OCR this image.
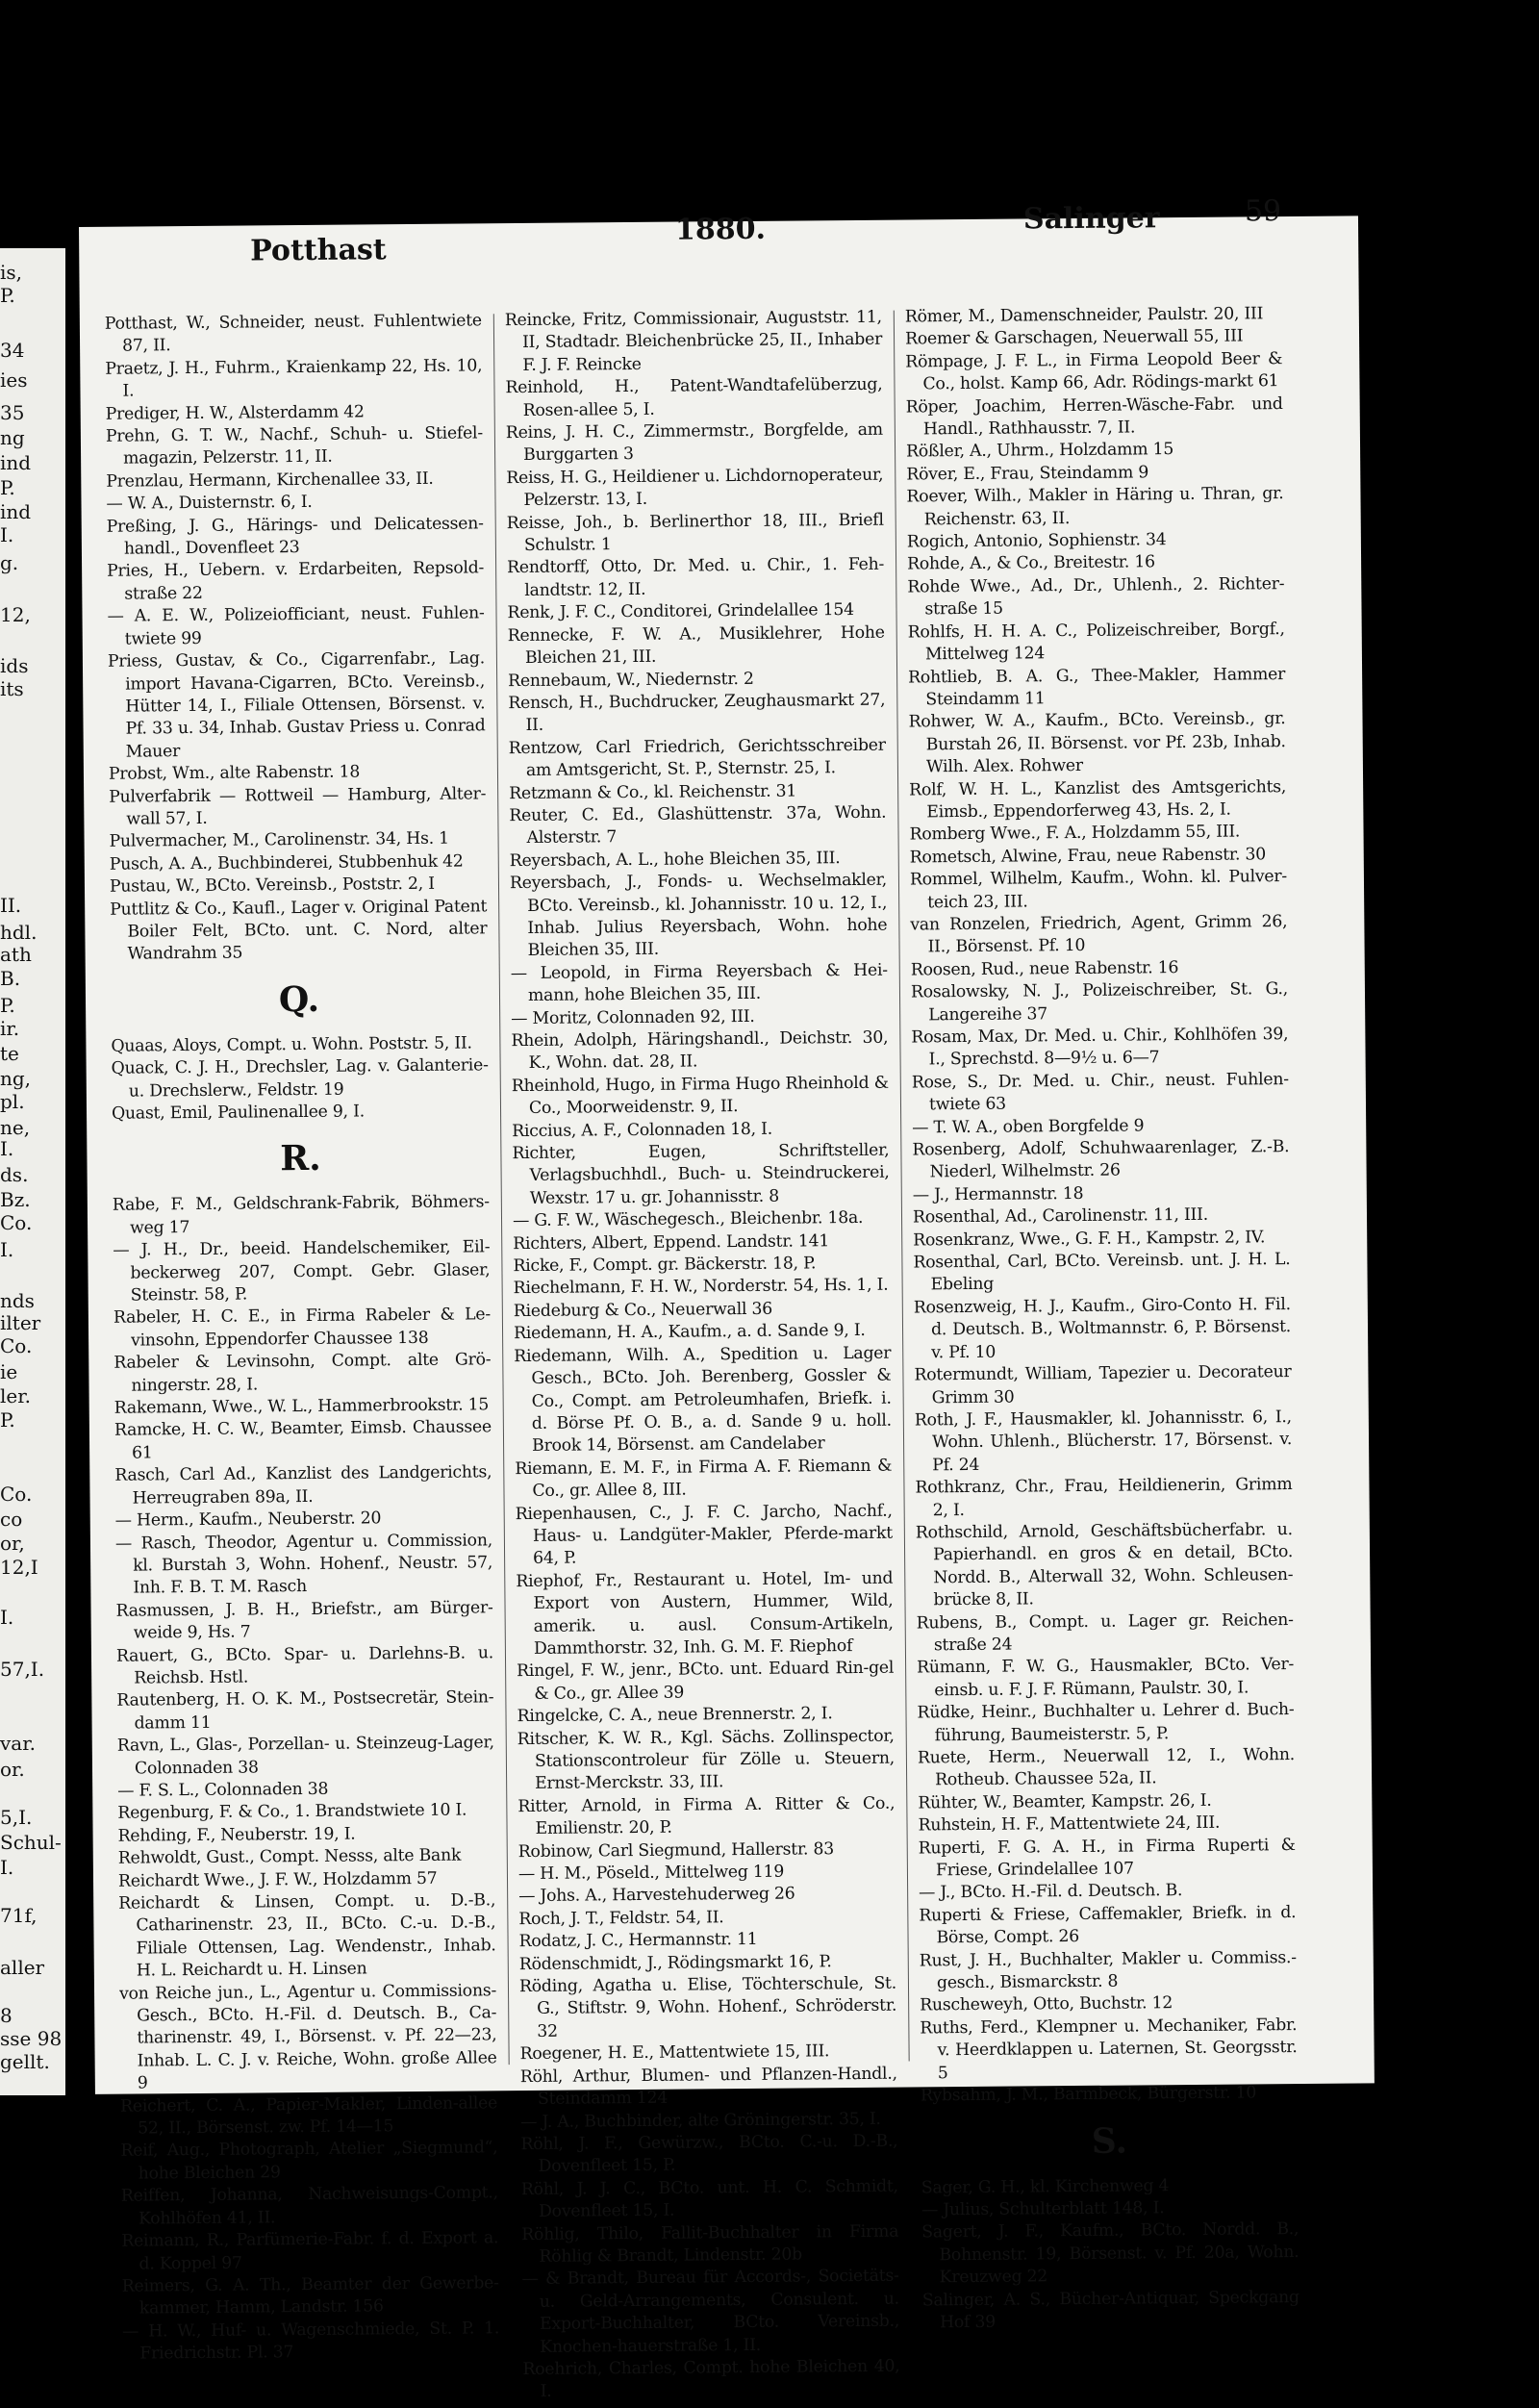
is,
P.
34
ies
35
ng
ind
P.
ind
I.
g.
12,
ids
its
II.
hdl.
ath
B.
P.
ir.
te
ng,
pl.
ne,
I.
ds.
Bz.
Co.
I.
nds
ilter
Co.
ie
ler.
P.
Co.
co
or,
12,I
I.
57,I.
var.
or.
5,I.
Schul-
I.
71f,
aller
8
sse 98
gellt.
Potthast
1880.	Salinger	59
Potthast, W., Schneider, neust. Fuhlentwiete 87, II.
Praetz, J. H., Fuhrm., Kraienkamp 22, Hs. 10, I.
Prediger, H. W., Alsterdamm 42
Prehn, G. T. W., Nachf., Schuh- u. Stiefel-magazin, Pelzerstr. 11, II.
Prenzlau, Hermann, Kirchenallee 33, II.
— W. A., Duisternstr. 6, I.
Preßing, J. G., Härings- und Delicatessen-handl., Dovenfleet 23
Pries, H., Uebern. v. Erdarbeiten, Repsold-straße 22
— A. E. W., Polizeiofficiant, neust. Fuhlen-twiete 99
Priess, Gustav, & Co., Cigarrenfabr., Lag. import Havana-Cigarren, BCto. Vereinsb., Hütter 14, I., Filiale Ottensen, Börsenst. v. Pf. 33 u. 34, Inhab. Gustav Priess u. Conrad Mauer
Probst, Wm., alte Rabenstr. 18
Pulverfabrik — Rottweil — Hamburg, Alter-wall 57, I.
Pulvermacher, M., Carolinenstr. 34, Hs. 1
Pusch, A. A., Buchbinderei, Stubbenhuk 42
Pustau, W., BCto. Vereinsb., Poststr. 2, I
Puttlitz & Co., Kaufl., Lager v. Original Patent Boiler Felt, BCto. unt. C. Nord, alter Wandrahm 35
Q.
Quaas, Aloys, Compt. u. Wohn. Poststr. 5, II.
Quack, C. J. H., Drechsler, Lag. v. Galanterie- u. Drechslerw., Feldstr. 19
Quast, Emil, Paulinenallee 9, I.
R.
Rabe, F. M., Geldschrank-Fabrik, Böhmers-weg 17
— J. H., Dr., beeid. Handelschemiker, Eil-beckerweg 207, Compt. Gebr. Glaser, Steinstr. 58, P.
Rabeler, H. C. E., in Firma Rabeler & Le-vinsohn, Eppendorfer Chaussee 138
Rabeler & Levinsohn, Compt. alte Grö-ningerstr. 28, I.
Rakemann, Wwe., W. L., Hammerbrookstr. 15
Ramcke, H. C. W., Beamter, Eimsb. Chaussee 61
Rasch, Carl Ad., Kanzlist des Landgerichts, Herreugraben 89a, II.
— Herm., Kaufm., Neuberstr. 20
— Rasch, Theodor, Agentur u. Commission, kl. Burstah 3, Wohn. Hohenf., Neustr. 57, Inh. F. B. T. M. Rasch
Rasmussen, J. B. H., Briefstr., am Bürger-weide 9, Hs. 7
Rauert, G., BCto. Spar- u. Darlehns-B. u. Reichsb. Hstl.
Rautenberg, H. O. K. M., Postsecretär, Stein-damm 11
Ravn, L., Glas-, Porzellan- u. Steinzeug-Lager, Colonnaden 38
— F. S. L., Colonnaden 38
Regenburg, F. & Co., 1. Brandstwiete 10 I.
Rehding, F., Neuberstr. 19, I.
Rehwoldt, Gust., Compt. Nesss, alte Bank
Reichardt Wwe., J. F. W., Holzdamm 57
Reichardt & Linsen, Compt. u. D.-B., Catharinenstr. 23, II., BCto. C.-u. D.-B., Filiale Ottensen, Lag. Wendenstr., Inhab. H. L. Reichardt u. H. Linsen
von Reiche jun., L., Agentur u. Commissions-Gesch., BCto. H.-Fil. d. Deutsch. B., Ca-tharinenstr. 49, I., Börsenst. v. Pf. 22—23, Inhab. L. C. J. v. Reiche, Wohn. große Allee 9
Reichert, C. A., Papier-Makler, Linden-allee 52, II., Börsenst. zw. Pf. 14—15
Reif, Aug., Photograph, Atelier „Siegmund“, hohe Bleichen 29
Reiffen, Johanna, Nachweisungs-Compt., Kohlhöfen 41, II.
Reimann, R., Parfümerie-Fabr. f. d. Export a. d. Koppel 97
Reimers, G. A. Th., Beamter der Gewerbe-kammer, Hamm, Landstr. 156
— H. W., Huf- u. Wagenschmiede, St. P. 1. Friedrichstr. Pl. 37
Reincke, Fritz, Commissionair, Auguststr. 11, II, Stadtadr. Bleichenbrücke 25, II., Inhaber F. J. F. Reincke
Reinhold, H., Patent-Wandtafelüberzug, Rosen-allee 5, I.
Reins, J. H. C., Zimmermstr., Borgfelde, am Burggarten 3
Reiss, H. G., Heildiener u. Lichdornoperateur, Pelzerstr. 13, I.
Reisse, Joh., b. Berlinerthor 18, III., Briefl Schulstr. 1
Rendtorff, Otto, Dr. Med. u. Chir., 1. Feh-landtstr. 12, II.
Renk, J. F. C., Conditorei, Grindelallee 154
Rennecke, F. W. A., Musiklehrer, Hohe Bleichen 21, III.
Rennebaum, W., Niedernstr. 2
Rensch, H., Buchdrucker, Zeughausmarkt 27, II.
Rentzow, Carl Friedrich, Gerichtsschreiber am Amtsgericht, St. P., Sternstr. 25, I.
Retzmann & Co., kl. Reichenstr. 31
Reuter, C. Ed., Glashüttenstr. 37a, Wohn. Alsterstr. 7
Reyersbach, A. L., hohe Bleichen 35, III.
Reyersbach, J., Fonds- u. Wechselmakler, BCto. Vereinsb., kl. Johannisstr. 10 u. 12, I., Inhab. Julius Reyersbach, Wohn. hohe Bleichen 35, III.
— Leopold, in Firma Reyersbach & Hei-mann, hohe Bleichen 35, III.
— Moritz, Colonnaden 92, III.
Rhein, Adolph, Häringshandl., Deichstr. 30, K., Wohn. dat. 28, II.
Rheinhold, Hugo, in Firma Hugo Rheinhold & Co., Moorweidenstr. 9, II.
Riccius, A. F., Colonnaden 18, I.
Richter, Eugen, Schriftsteller, Verlagsbuchhdl., Buch- u. Steindruckerei, Wexstr. 17 u. gr. Johannisstr. 8
— G. F. W., Wäschegesch., Bleichenbr. 18a.
Richters, Albert, Eppend. Landstr. 141
Ricke, F., Compt. gr. Bäckerstr. 18, P.
Riechelmann, F. H. W., Norderstr. 54, Hs. 1, I.
Riedeburg & Co., Neuerwall 36
Riedemann, H. A., Kaufm., a. d. Sande 9, I.
Riedemann, Wilh. A., Spedition u. Lager Gesch., BCto. Joh. Berenberg, Gossler & Co., Compt. am Petroleumhafen, Briefk. i. d. Börse Pf. O. B., a. d. Sande 9 u. holl. Brook 14, Börsenst. am Candelaber
Riemann, E. M. F., in Firma A. F. Riemann & Co., gr. Allee 8, III.
Riepenhausen, C., J. F. C. Jarcho, Nachf., Haus- u. Landgüter-Makler, Pferde-markt 64, P.
Riephof, Fr., Restaurant u. Hotel, Im- und Export von Austern, Hummer, Wild, amerik. u. ausl. Consum-Artikeln, Dammthorstr. 32, Inh. G. M. F. Riephof
Ringel, F. W., jenr., BCto. unt. Eduard Rin-gel & Co., gr. Allee 39
Ringelcke, C. A., neue Brennerstr. 2, I.
Ritscher, K. W. R., Kgl. Sächs. Zollinspector, Stationscontroleur für Zölle u. Steuern, Ernst-Merckstr. 33, III.
Ritter, Arnold, in Firma A. Ritter & Co., Emilienstr. 20, P.
Robinow, Carl Siegmund, Hallerstr. 83
— H. M., Pöseld., Mittelweg 119
— Johs. A., Harvestehuderweg 26
Roch, J. T., Feldstr. 54, II.
Rodatz, J. C., Hermannstr. 11
Rödenschmidt, J., Rödingsmarkt 16, P.
Röding, Agatha u. Elise, Töchterschule, St. G., Stiftstr. 9, Wohn. Hohenf., Schröderstr. 32
Roegener, H. E., Mattentwiete 15, III.
Röhl, Arthur, Blumen- und Pflanzen-Handl., Steindamm 124
— J. A., Buchbinder, alte Gröningerstr. 35, I.
Röhl, J. F., Gewürzw., BCto. C.-u. D.-B., Dovenfleet 15, P.
Röhl, J. J. C., BCto. unt. H. C. Schmidt, Dovenfleet 15, I.
Röhlig, Thilo, Fallit-Buchhalter in Firma Röhlig & Brandt, Lindenstr. 20b
— & Brandt, Bureau für Accords-, Societäts-u. Geld-Arrangements, Consulent. u. Export-Buchhalter, BCto. Vereinsb., Knochen-hauerstraße 1, II.
Roehrich, Charles, Compt. hohe Bleichen 40, I.
Römer, M., Damenschneider, Paulstr. 20, III
Roemer & Garschagen, Neuerwall 55, III
Römpage, J. F. L., in Firma Leopold Beer & Co., holst. Kamp 66, Adr. Rödings-markt 61
Röper, Joachim, Herren-Wäsche-Fabr. und Handl., Rathhausstr. 7, II.
Rößler, A., Uhrm., Holzdamm 15
Röver, E., Frau, Steindamm 9
Roever, Wilh., Makler in Häring u. Thran, gr. Reichenstr. 63, II.
Rogich, Antonio, Sophienstr. 34
Rohde, A., & Co., Breitestr. 16
Rohde Wwe., Ad., Dr., Uhlenh., 2. Richter-straße 15
Rohlfs, H. H. A. C., Polizeischreiber, Borgf., Mittelweg 124
Rohtlieb, B. A. G., Thee-Makler, Hammer Steindamm 11
Rohwer, W. A., Kaufm., BCto. Vereinsb., gr. Burstah 26, II. Börsenst. vor Pf. 23b, Inhab. Wilh. Alex. Rohwer
Rolf, W. H. L., Kanzlist des Amtsgerichts, Eimsb., Eppendorferweg 43, Hs. 2, I.
Romberg Wwe., F. A., Holzdamm 55, III.
Rometsch, Alwine, Frau, neue Rabenstr. 30
Rommel, Wilhelm, Kaufm., Wohn. kl. Pulver-teich 23, III.
van Ronzelen, Friedrich, Agent, Grimm 26, II., Börsenst. Pf. 10
Roosen, Rud., neue Rabenstr. 16
Rosalowsky, N. J., Polizeischreiber, St. G., Langereihe 37
Rosam, Max, Dr. Med. u. Chir., Kohlhöfen 39, I., Sprechstd. 8—9½ u. 6—7
Rose, S., Dr. Med. u. Chir., neust. Fuhlen-twiete 63
— T. W. A., oben Borgfelde 9
Rosenberg, Adolf, Schuhwaarenlager, Z.-B. Niederl, Wilhelmstr. 26
— J., Hermannstr. 18
Rosenthal, Ad., Carolinenstr. 11, III.
Rosenkranz, Wwe., G. F. H., Kampstr. 2, IV.
Rosenthal, Carl, BCto. Vereinsb. unt. J. H. L. Ebeling
Rosenzweig, H. J., Kaufm., Giro-Conto H. Fil. d. Deutsch. B., Woltmannstr. 6, P. Börsenst. v. Pf. 10
Rotermundt, William, Tapezier u. Decorateur Grimm 30
Roth, J. F., Hausmakler, kl. Johannisstr. 6, I., Wohn. Uhlenh., Blücherstr. 17, Börsenst. v. Pf. 24
Rothkranz, Chr., Frau, Heildienerin, Grimm 2, I.
Rothschild, Arnold, Geschäftsbücherfabr. u. Papierhandl. en gros & en detail, BCto. Nordd. B., Alterwall 32, Wohn. Schleusen-brücke 8, II.
Rubens, B., Compt. u. Lager gr. Reichen-straße 24
Rümann, F. W. G., Hausmakler, BCto. Ver-einsb. u. F. J. F. Rümann, Paulstr. 30, I.
Rüdke, Heinr., Buchhalter u. Lehrer d. Buch-führung, Baumeisterstr. 5, P.
Ruete, Herm., Neuerwall 12, I., Wohn. Rotheub. Chaussee 52a, II.
Rühter, W., Beamter, Kampstr. 26, I.
Ruhstein, H. F., Mattentwiete 24, III.
Ruperti, F. G. A. H., in Firma Ruperti & Friese, Grindelallee 107
— J., BCto. H.-Fil. d. Deutsch. B.
Ruperti & Friese, Caffemakler, Briefk. in d. Börse, Compt. 26
Rust, J. H., Buchhalter, Makler u. Commiss.-gesch., Bismarckstr. 8
Ruscheweyh, Otto, Buchstr. 12
Ruths, Ferd., Klempner u. Mechaniker, Fabr. v. Heerdklappen u. Laternen, St. Georgsstr. 5
Rybsahm, J. M., Barmbeck, Bürgerstr. 10
S.
Sager, G. H., kl. Kirchenweg 4
— Julius, Schulterblatt 148, I.
Sagert, J. F., Kaufm., BCto. Nordd. B., Bohnenstr. 19, Börsenst. v. Pf. 20a, Wohn. Kreuzweg 22
Salinger, A. S., Bücher-Antiquar, Speckgang Hof 39
